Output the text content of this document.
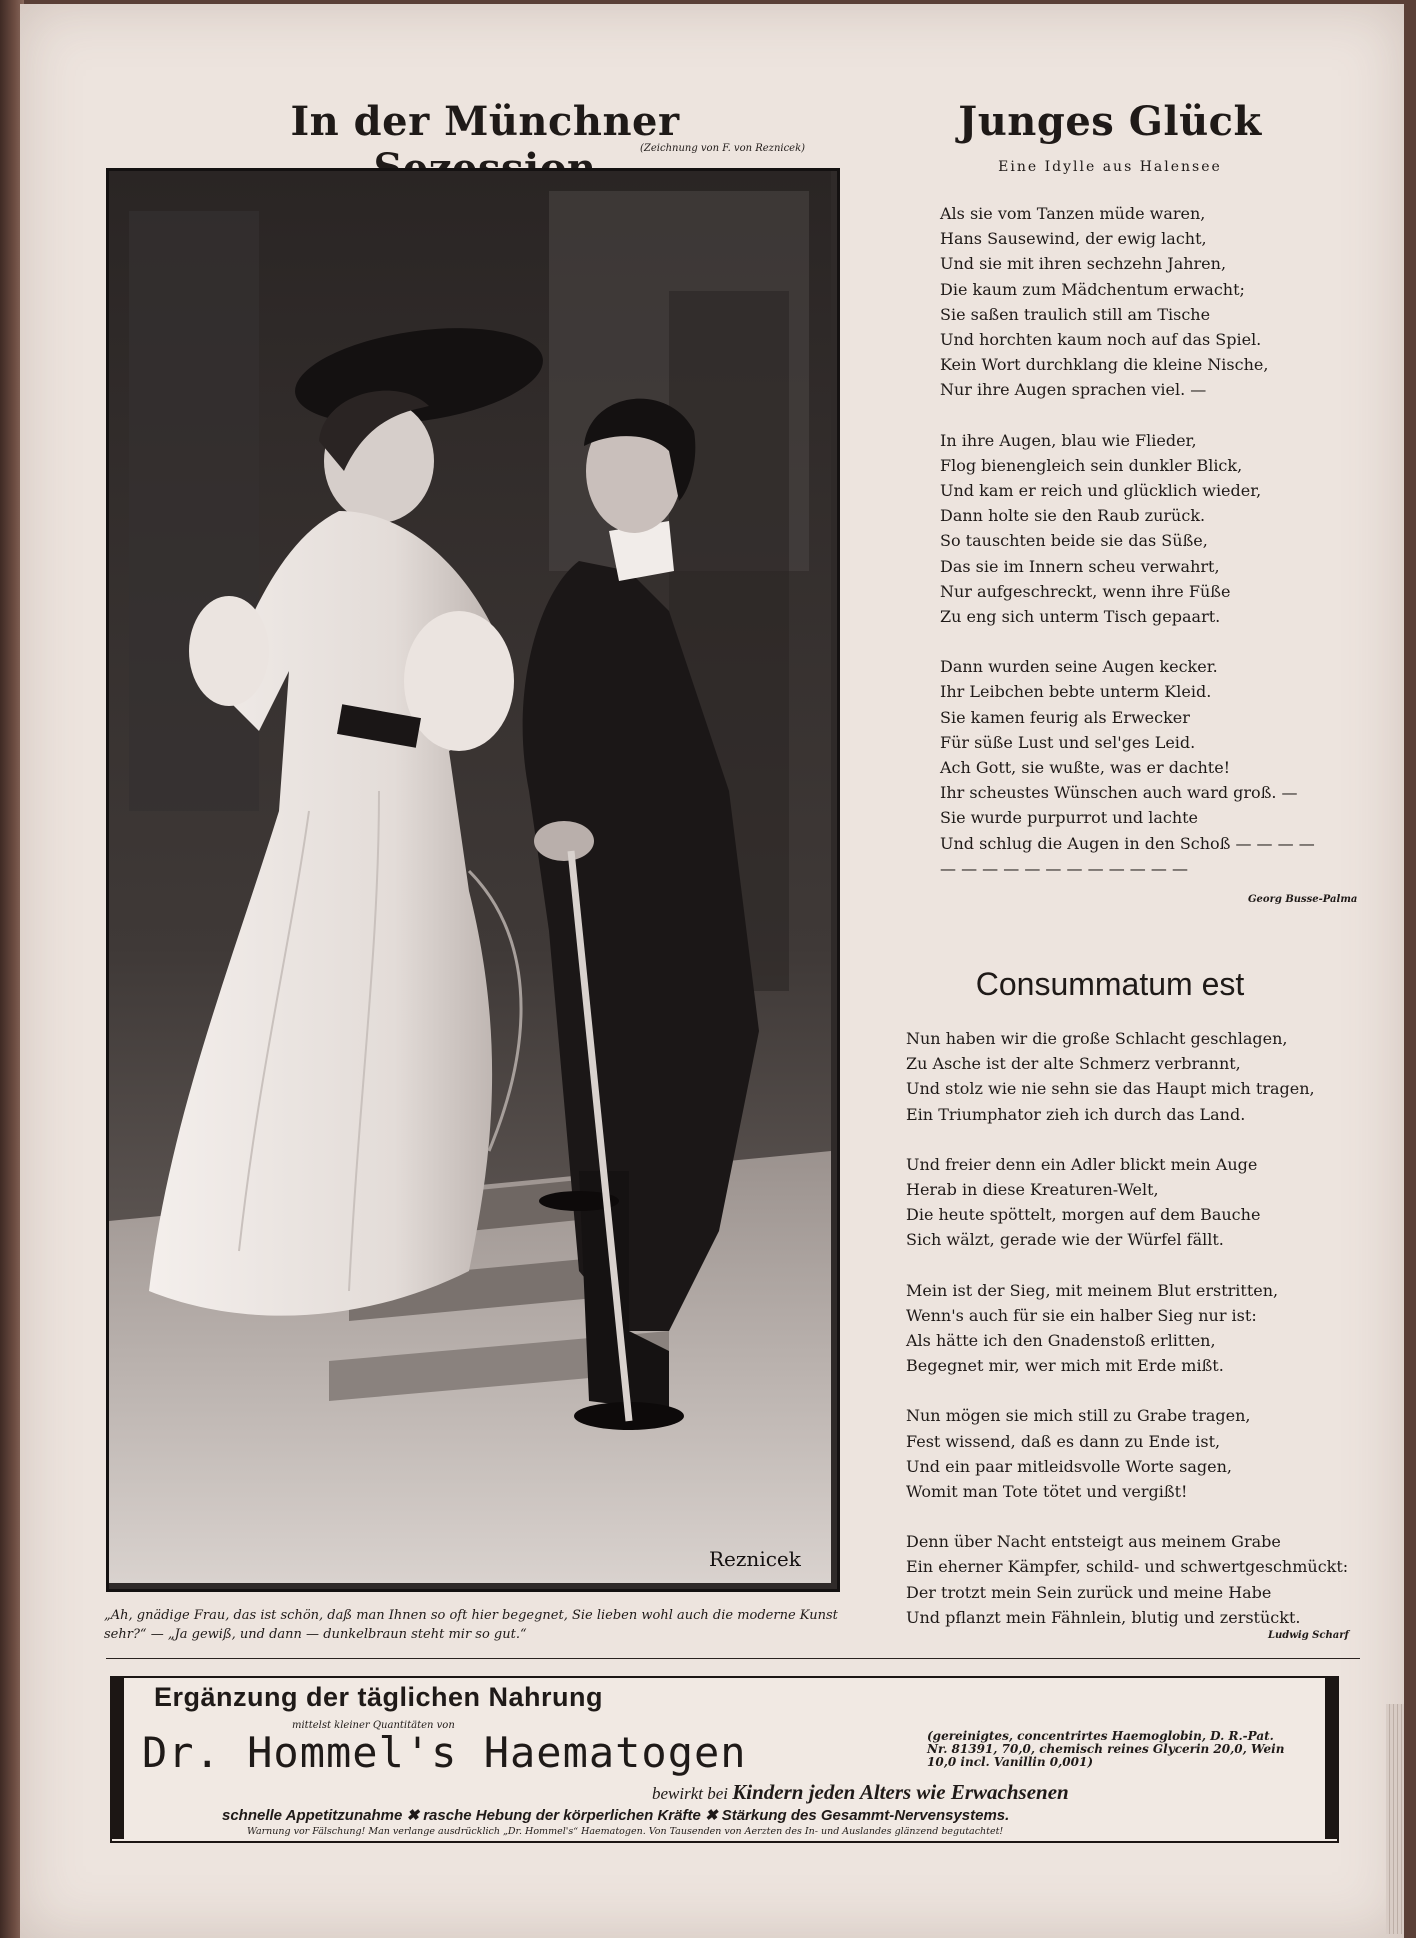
In der Münchner
(Zeichnung von F. von Reznicek)
Reznicek
„Ah, gnädige Frau, das ist schön, daß man Ihnen so oft hier begegnet, Sie lieben wohl auch die moderne Kunst sehr?“ — „Ja gewiß, und dann — dunkelbraun steht mir so gut.“
Junges Glück
Eine Idylle aus Halensee
Als sie vom Tanzen müde waren,
Hans Sausewind, der ewig lacht,
Und sie mit ihren sechzehn Jahren,
Die kaum zum Mädchentum erwacht;
Sie saßen traulich still am Tische
Und horchten kaum noch auf das Spiel.
Kein Wort durchklang die kleine Nische,
Nur ihre Augen sprachen viel. —
In ihre Augen, blau wie Flieder,
Flog bienengleich sein dunkler Blick,
Und kam er reich und glücklich wieder,
Dann holte sie den Raub zurück.
So tauschten beide sie das Süße,
Das sie im Innern scheu verwahrt,
Nur aufgeschreckt, wenn ihre Füße
Zu eng sich unterm Tisch gepaart.
Dann wurden seine Augen kecker.
Ihr Leibchen bebte unterm Kleid.
Sie kamen feurig als Erwecker
Für süße Lust und sel'ges Leid.
Ach Gott, sie wußte, was er dachte!
Ihr scheustes Wünschen auch ward groß. —
Sie wurde purpurrot und lachte
Und schlug die Augen in den Schoß — — — —
— — — — — — — — — — — —
Georg Busse-Palma
Consummatum est
Nun haben wir die große Schlacht geschlagen,
Zu Asche ist der alte Schmerz verbrannt,
Und stolz wie nie sehn sie das Haupt mich tragen,
Ein Triumphator zieh ich durch das Land.
Und freier denn ein Adler blickt mein Auge
Herab in diese Kreaturen-Welt,
Die heute spöttelt, morgen auf dem Bauche
Sich wälzt, gerade wie der Würfel fällt.
Mein ist der Sieg, mit meinem Blut erstritten,
Wenn's auch für sie ein halber Sieg nur ist:
Als hätte ich den Gnadenstoß erlitten,
Begegnet mir, wer mich mit Erde mißt.
Nun mögen sie mich still zu Grabe tragen,
Fest wissend, daß es dann zu Ende ist,
Und ein paar mitleidsvolle Worte sagen,
Womit man Tote tötet und vergißt!
Denn über Nacht entsteigt aus meinem Grabe
Ein eherner Kämpfer, schild- und schwertgeschmückt:
Der trotzt mein Sein zurück und meine Habe
Und pflanzt mein Fähnlein, blutig und zerstückt.
Ludwig Scharf
Ergänzung der täglichen Nahrung
mittelst kleiner Quantitäten von
Dr. Hommel's Haematogen	(gereinigtes, concentrirtes Haemoglobin, D. R.-Pat. Nr. 81391, 70,0, chemisch reines Glycerin 20,0, Wein 10,0 incl. Vanillin 0,001)
bewirkt bei Kindern jeden Alters wie Erwachsenen
schnelle Appetitzunahme ✖ rasche Hebung der körperlichen Kräfte ✖ Stärkung des Gesammt-Nervensystems.
Warnung vor Fälschung! Man verlange ausdrücklich „Dr. Hommel's“ Haematogen. Von Tausenden von Aerzten des In- und Auslandes glänzend begutachtet!
